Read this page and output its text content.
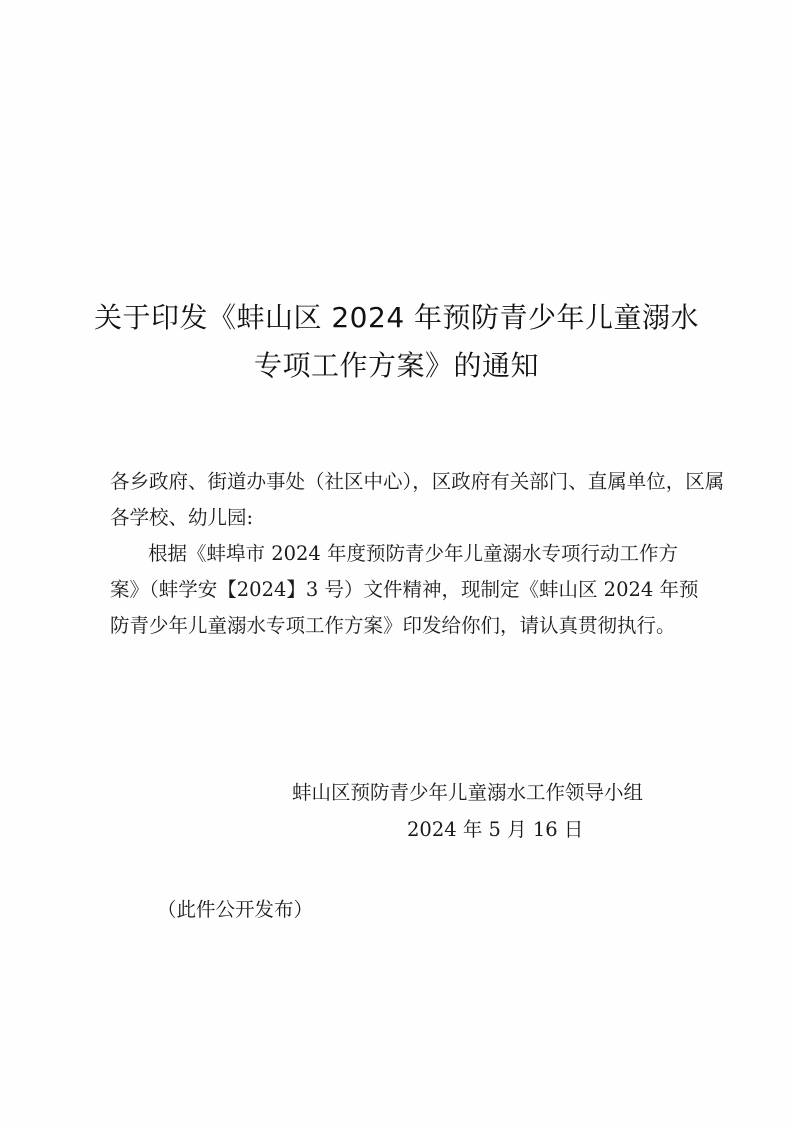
关于印发《蚌山区 2024 年预防青少年儿童溺水
专项工作方案》的通知

各乡政府、街道办事处（社区中心），区政府有关部门、直属单位，区属

各学校、幼儿园:

根据《蚌埠市 2024 年度预防青少年儿童溺水专项行动工作方

案》（蚌学安【2024】3 号）文件精神，现制定《蚌山区 2024 年预

防青少年儿童溺水专项工作方案》印发给你们，请认真贯彻执行。

蚌山区预防青少年儿童溺水工作领导小组
2024 年 5 月 16 日
（此件公开发布）
